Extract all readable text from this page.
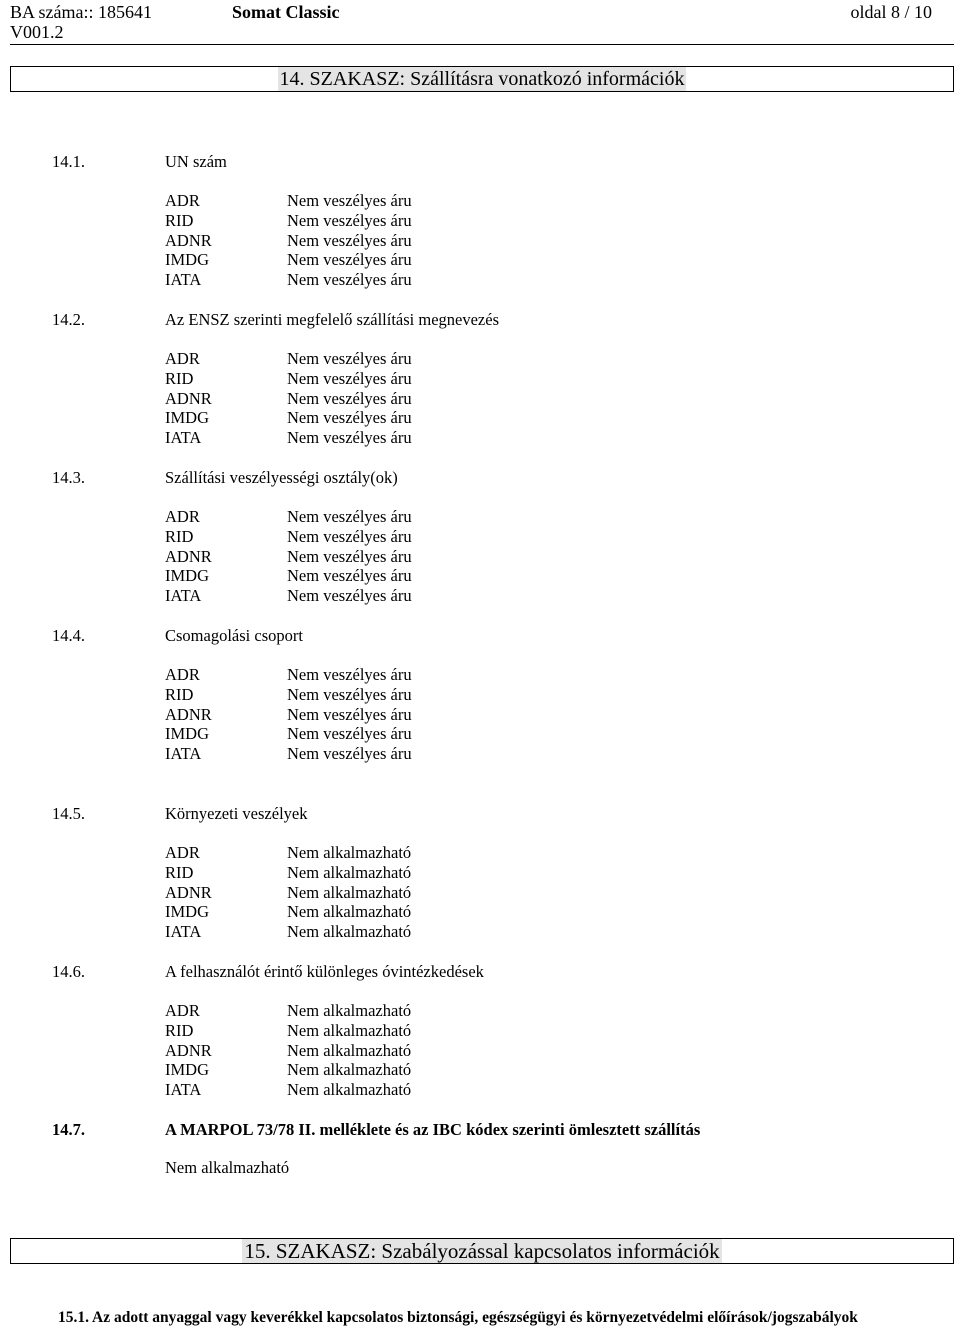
BA száma:: 185641
V001.2
Somat Classic	oldal 8 / 10
14. SZAKASZ: Szállításra vonatkozó információk
14.1.	UN szám
ADR	Nem veszélyes áru
RID	Nem veszélyes áru
ADNR	Nem veszélyes áru
IMDG	Nem veszélyes áru
IATA	Nem veszélyes áru
14.2.	Az ENSZ szerinti megfelelő szállítási megnevezés
ADR	Nem veszélyes áru
RID	Nem veszélyes áru
ADNR	Nem veszélyes áru
IMDG	Nem veszélyes áru
IATA	Nem veszélyes áru
14.3.	Szállítási veszélyességi osztály(ok)
ADR	Nem veszélyes áru
RID	Nem veszélyes áru
ADNR	Nem veszélyes áru
IMDG	Nem veszélyes áru
IATA	Nem veszélyes áru
14.4.	Csomagolási csoport
ADR	Nem veszélyes áru
RID	Nem veszélyes áru
ADNR	Nem veszélyes áru
IMDG	Nem veszélyes áru
IATA	Nem veszélyes áru
14.5.	Környezeti veszélyek
ADR	Nem alkalmazható
RID	Nem alkalmazható
ADNR	Nem alkalmazható
IMDG	Nem alkalmazható
IATA	Nem alkalmazható
14.6.	A felhasználót érintő különleges óvintézkedések
ADR	Nem alkalmazható
RID	Nem alkalmazható
ADNR	Nem alkalmazható
IMDG	Nem alkalmazható
IATA	Nem alkalmazható
14.7.	A MARPOL 73/78 II. melléklete és az IBC kódex szerinti ömlesztett szállítás
Nem alkalmazható
15. SZAKASZ: Szabályozással kapcsolatos információk
15.1. Az adott anyaggal vagy keverékkel kapcsolatos biztonsági, egészségügyi és környezetvédelmi előírások/jogszabályok
